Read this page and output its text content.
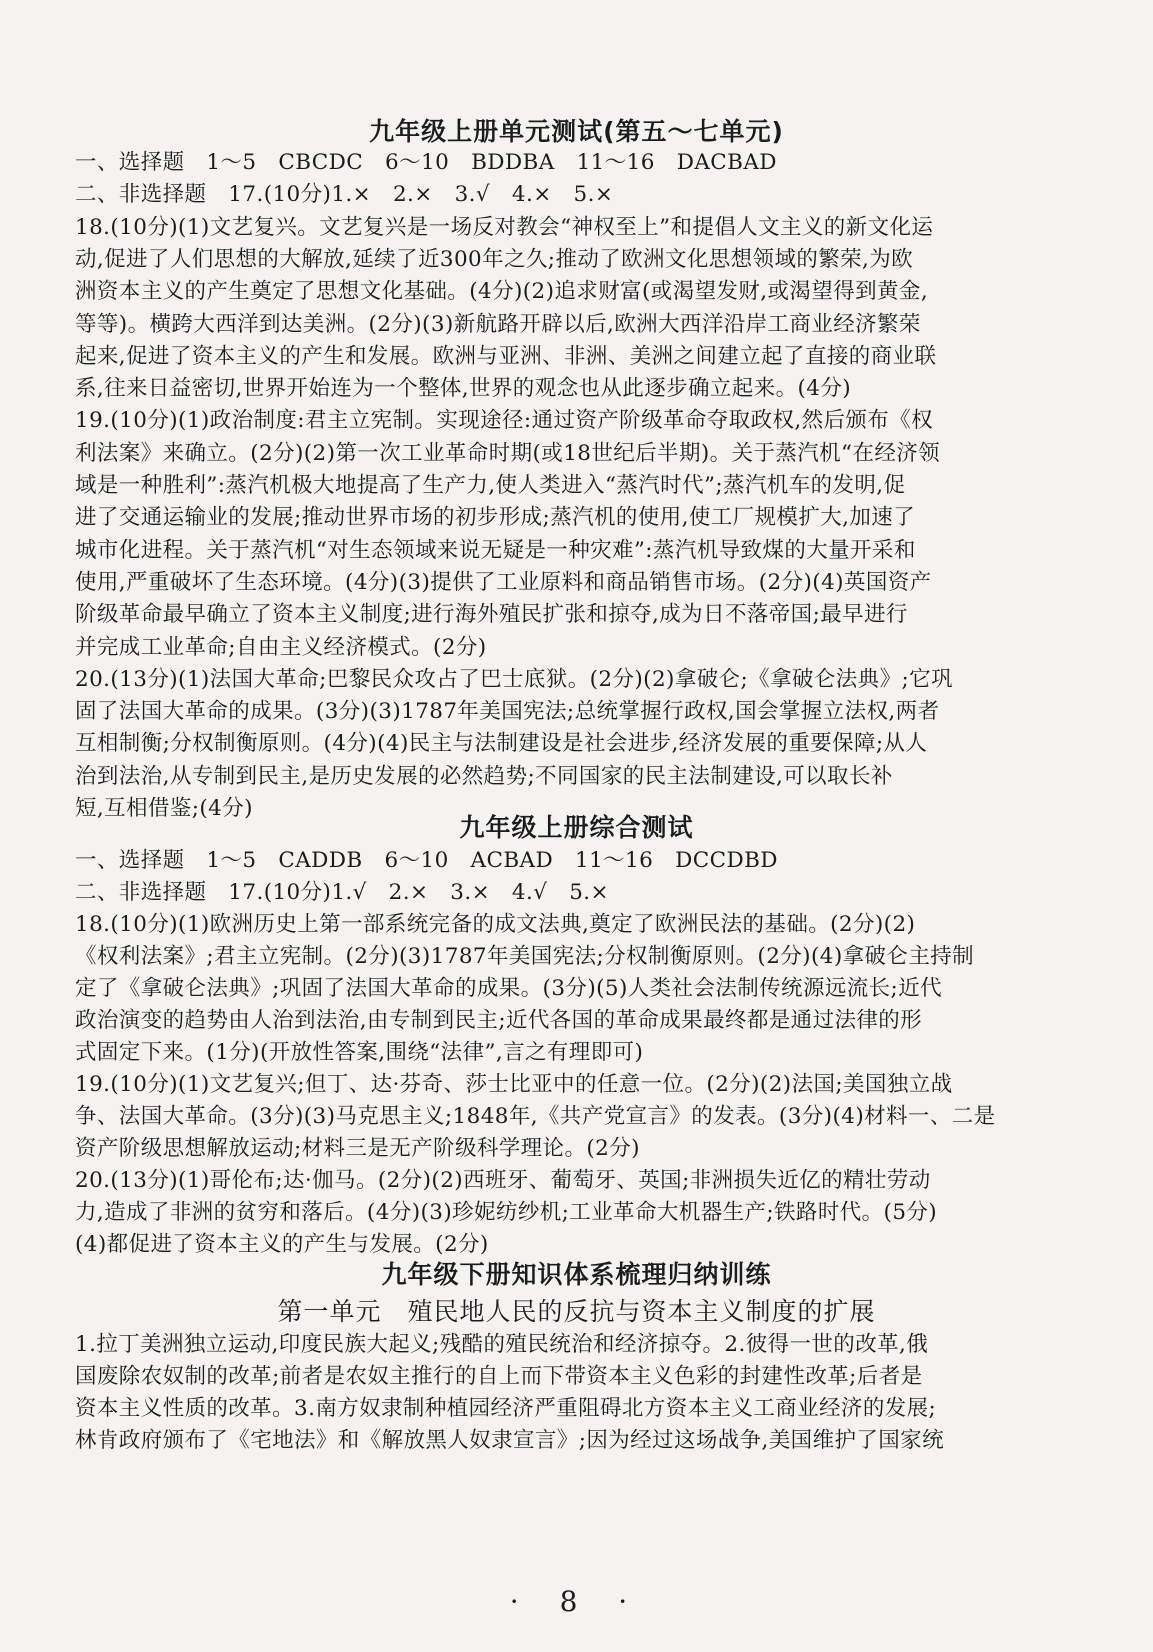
九年级上册单元测试(第五～七单元)
一、选择题　1～5　CBCDC　6～10　BDDBA　11～16　DACBAD
二、非选择题　17.(10分)1.×　2.×　3.√　4.×　5.×
18.(10分)(1)文艺复兴。文艺复兴是一场反对教会“神权至上”和提倡人文主义的新文化运
动,促进了人们思想的大解放,延续了近300年之久;推动了欧洲文化思想领域的繁荣,为欧
洲资本主义的产生奠定了思想文化基础。(4分)(2)追求财富(或渴望发财,或渴望得到黄金,
等等)。横跨大西洋到达美洲。(2分)(3)新航路开辟以后,欧洲大西洋沿岸工商业经济繁荣
起来,促进了资本主义的产生和发展。欧洲与亚洲、非洲、美洲之间建立起了直接的商业联
系,往来日益密切,世界开始连为一个整体,世界的观念也从此逐步确立起来。(4分)
19.(10分)(1)政治制度:君主立宪制。实现途径:通过资产阶级革命夺取政权,然后颁布《权
利法案》来确立。(2分)(2)第一次工业革命时期(或18世纪后半期)。关于蒸汽机“在经济领
域是一种胜利”:蒸汽机极大地提高了生产力,使人类进入“蒸汽时代”;蒸汽机车的发明,促
进了交通运输业的发展;推动世界市场的初步形成;蒸汽机的使用,使工厂规模扩大,加速了
城市化进程。关于蒸汽机“对生态领域来说无疑是一种灾难”:蒸汽机导致煤的大量开采和
使用,严重破坏了生态环境。(4分)(3)提供了工业原料和商品销售市场。(2分)(4)英国资产
阶级革命最早确立了资本主义制度;进行海外殖民扩张和掠夺,成为日不落帝国;最早进行
并完成工业革命;自由主义经济模式。(2分)
20.(13分)(1)法国大革命;巴黎民众攻占了巴士底狱。(2分)(2)拿破仑;《拿破仑法典》;它巩
固了法国大革命的成果。(3分)(3)1787年美国宪法;总统掌握行政权,国会掌握立法权,两者
互相制衡;分权制衡原则。(4分)(4)民主与法制建设是社会进步,经济发展的重要保障;从人
治到法治,从专制到民主,是历史发展的必然趋势;不同国家的民主法制建设,可以取长补
短,互相借鉴;(4分)
九年级上册综合测试
一、选择题　1～5　CADDB　6～10　ACBAD　11～16　DCCDBD
二、非选择题　17.(10分)1.√　2.×　3.×　4.√　5.×
18.(10分)(1)欧洲历史上第一部系统完备的成文法典,奠定了欧洲民法的基础。(2分)(2)
《权利法案》;君主立宪制。(2分)(3)1787年美国宪法;分权制衡原则。(2分)(4)拿破仑主持制
定了《拿破仑法典》;巩固了法国大革命的成果。(3分)(5)人类社会法制传统源远流长;近代
政治演变的趋势由人治到法治,由专制到民主;近代各国的革命成果最终都是通过法律的形
式固定下来。(1分)(开放性答案,围绕“法律”,言之有理即可)
19.(10分)(1)文艺复兴;但丁、达·芬奇、莎士比亚中的任意一位。(2分)(2)法国;美国独立战
争、法国大革命。(3分)(3)马克思主义;1848年,《共产党宣言》的发表。(3分)(4)材料一、二是
资产阶级思想解放运动;材料三是无产阶级科学理论。(2分)
20.(13分)(1)哥伦布;达·伽马。(2分)(2)西班牙、葡萄牙、英国;非洲损失近亿的精壮劳动
力,造成了非洲的贫穷和落后。(4分)(3)珍妮纺纱机;工业革命大机器生产;铁路时代。(5分)
(4)都促进了资本主义的产生与发展。(2分)
九年级下册知识体系梳理归纳训练
第一单元　殖民地人民的反抗与资本主义制度的扩展
1.拉丁美洲独立运动,印度民族大起义;残酷的殖民统治和经济掠夺。2.彼得一世的改革,俄
国废除农奴制的改革;前者是农奴主推行的自上而下带资本主义色彩的封建性改革;后者是
资本主义性质的改革。3.南方奴隶制种植园经济严重阻碍北方资本主义工商业经济的发展;
林肯政府颁布了《宅地法》和《解放黑人奴隶宣言》;因为经过这场战争,美国维护了国家统
· 8 ·
